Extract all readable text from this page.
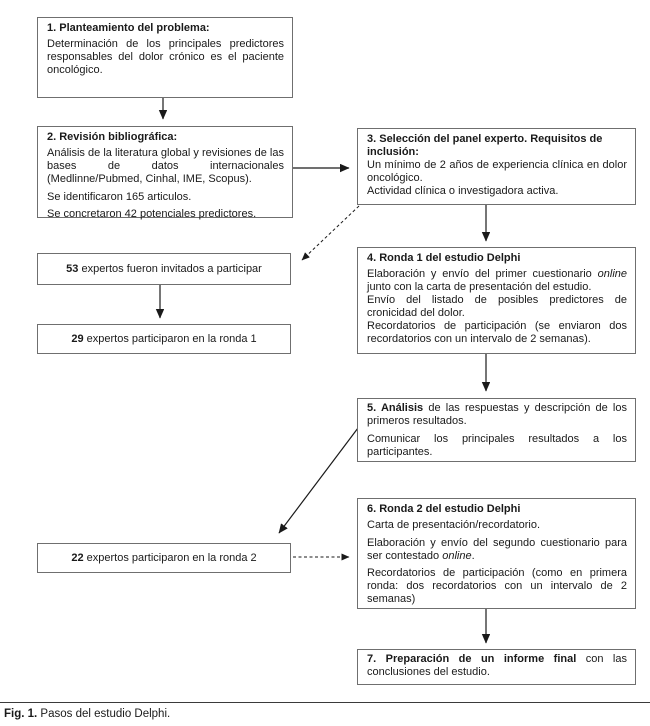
1. Planteamiento del problema:

Determinación de los principales predictores responsables del dolor crónico es el paciente oncológico.

2. Revisión bibliográfica:

Análisis de la literatura global y revisiones de las bases de datos internacionales (Medlinne/Pubmed, Cinhal, IME, Scopus).

Se identificaron 165 articulos.

Se concretaron 42 potenciales predictores.

3. Selección del panel experto. Requisitos de inclusión:

Un mínimo de 2 años de experiencia clínica en dolor oncológico.

Actividad clínica o investigadora activa.

53 expertos fueron invitados a participar
29 expertos participaron en la ronda 1

4. Ronda 1 del estudio Delphi

Elaboración y envío del primer cuestionario online junto con la carta de presentación del estudio.

Envío del listado de posibles predictores de cronicidad del dolor.

Recordatorios de participación (se enviaron dos recordatorios con un intervalo de 2 semanas).

5. Análisis de las respuestas y descripción de los primeros resultados.

Comunicar los principales resultados a los participantes.

22 expertos participaron en la ronda 2

6. Ronda 2 del estudio Delphi

Carta de presentación/recordatorio.

Elaboración y envío del segundo cuestionario para ser contestado online.

Recordatorios de participación (como en primera ronda: dos recordatorios con un intervalo de 2 semanas)

7. Preparación de un informe final con las conclusiones del estudio.

Fig. 1. Pasos del estudio Delphi.
